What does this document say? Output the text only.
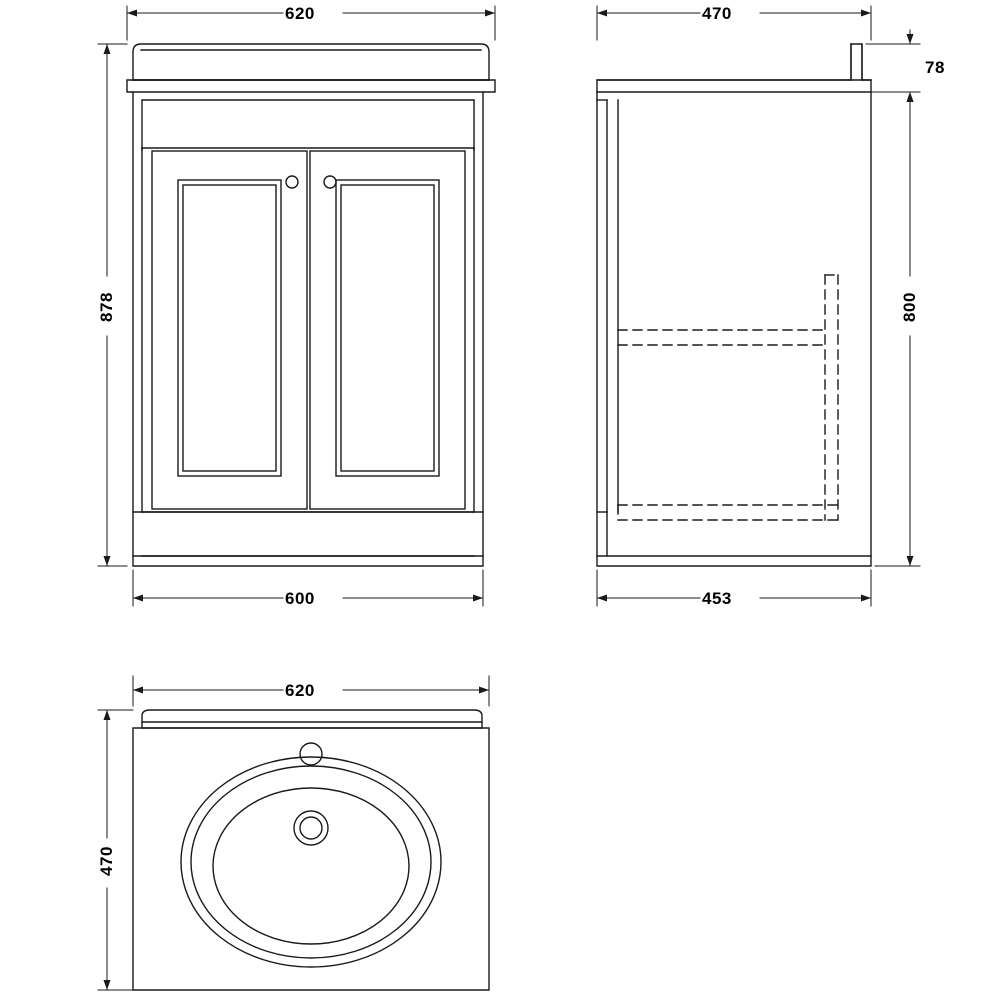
620
878
600
470
78
800
453
620
470
